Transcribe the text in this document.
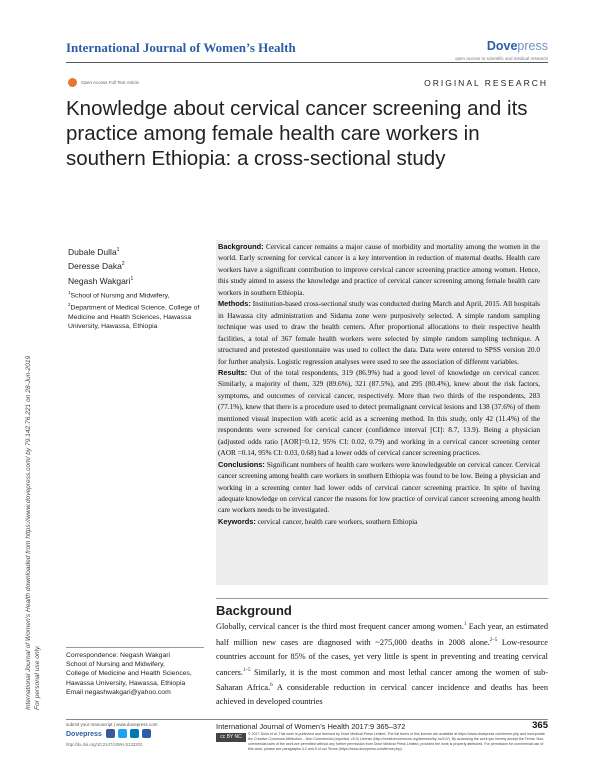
International Journal of Women’s Health	Dovepress
open access to scientific and medical research
Open Access Full Text Article	ORIGINAL RESEARCH
Knowledge about cervical cancer screening and its practice among female health care workers in southern Ethiopia: a cross-sectional study
International Journal of Women's Health downloaded from https://www.dovepress.com/ by 79.142.76.221 on 28-Jun-2019 For personal use only.
Dubale Dulla$^1$
Deresse Daka$^2$
Negash Wakgari$^1$
$^1$School of Nursing and Midwifery,
$^2$Department of Medical Science, College of Medicine and Health Sciences, Hawassa University, Hawassa, Ethiopia

Background: Cervical cancer remains a major cause of morbidity and mortality among the women in the world. Early screening for cervical cancer is a key intervention in reduction of maternal deaths. Health care workers have a significant contribution to improve cervical cancer screening practice among women. Hence, this study aimed to assess the knowledge and practice of cervical cancer screening among female health care workers in southern Ethiopia.

Methods: Institution-based cross-sectional study was conducted during March and April, 2015. All hospitals in Hawassa city administration and Sidama zone were purposively selected. A simple random sampling technique was used to draw the health centers. After proportional allocations to their respective health facilities, a total of 367 female health workers were selected by simple random sampling technique. A structured and pretested questionnaire was used to collect the data. Data were entered to SPSS version 20.0 for further analysis. Logistic regression analyses were used to see the association of different variables.

Results: Out of the total respondents, 319 (86.9%) had a good level of knowledge on cervical cancer. Similarly, a majority of them, 329 (89.6%), 321 (87.5%), and 295 (80.4%), knew about the risk factors, symptoms, and outcomes of cervical cancer, respectively. More than two thirds of the respondents, 283 (77.1%), knew that there is a procedure used to detect premalignant cervical lesions and 138 (37.6%) of them mentioned visual inspection with acetic acid as a screening method. In this study, only 42 (11.4%) of the respondents were screened for cervical cancer (confidence interval [CI]: 8.7, 13.9). Being a physician (adjusted odds ratio [AOR]=0.12, 95% CI: 0.02, 0.79) and working in a cervical cancer screening center (AOR =0.14, 95% CI: 0.03, 0.68) had a lower odds of cervical cancer screening practices.

Conclusions: Significant numbers of health care workers were knowledgeable on cervical cancer. Cervical cancer screening among health care workers in southern Ethiopia was found to be low. Being a physician and working in a screening center had lower odds of cervical cancer screening practice. In spite of having adequate knowledge on cervical cancer the reasons for low practice of cervical cancer screening among health care workers needs to be investigated.

Keywords: cervical cancer, health care workers, southern Ethiopia

Background
Globally, cervical cancer is the third most frequent cancer among women.$^1$ Each year, an estimated half million new cases are diagnosed with ~275,000 deaths in 2008 alone.$^{2-5}$ Low-resource countries account for 85% of the cases, yet very little is spent in preventing and treating cervical cancers.$^{1-5}$ Similarly, it is the most common and most lethal cancer among the women of sub-Saharan Africa.$^6$ A considerable reduction in cervical cancer incidence and deaths has been achieved in developed countries
Correspondence: Negash Wakgari
School of Nursing and Midwifery,
College of Medicine and Health Sciences,
Hawassa University, Hawassa, Ethiopia
Email negashwakgari@yahoo.com
submit your manuscript | www.dovepress.com
Dovepress
http://dx.doi.org/10.2147/IJWH.S132202
International Journal of Women’s Health 2017:9 365–372	365
cc BY NC	© 2017 Dulla et al. This work is published and licensed by Dove Medical Press Limited. The full terms of this license are available at https://www.dovepress.com/terms.php and incorporate the Creative Commons Attribution – Non Commercial (unported, v3.0) License (http://creativecommons.org/licenses/by-nc/3.0/). By accessing the work you hereby accept the Terms. Non-commercial uses of the work are permitted without any further permission from Dove Medical Press Limited, provided the work is properly attributed. For permission for commercial use of this work, please see paragraphs 4.2 and 5 of our Terms (https://www.dovepress.com/terms.php).
